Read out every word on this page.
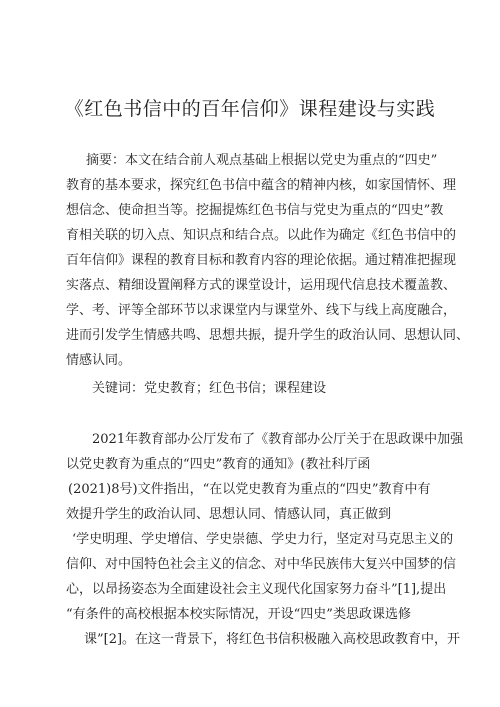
《红色书信中的百年信仰》课程建设与实践
摘要：本文在结合前人观点基础上根据以党史为重点的“四史”
教育的基本要求，探究红色书信中蕴含的精神内核，如家国情怀、理
想信念、使命担当等。挖掘提炼红色书信与党史为重点的“四史”教
育相关联的切入点、知识点和结合点。以此作为确定《红色书信中的
百年信仰》课程的教育目标和教育内容的理论依据。通过精准把握现
实落点、精细设置阐释方式的课堂设计，运用现代信息技术覆盖教、
学、考、评等全部环节以求课堂内与课堂外、线下与线上高度融合，
进而引发学生情感共鸣、思想共振，提升学生的政治认同、思想认同、
情感认同。
关键词：党史教育；红色书信；课程建设
2021年教育部办公厅发布了《教育部办公厅关于在思政课中加强
以党史教育为重点的“四史”教育的通知》(教社科厅函
(2021)8号)文件指出，“在以党史教育为重点的“四史”教育中有
效提升学生的政治认同、思想认同、情感认同，真正做到
‘学史明理、学史增信、学史崇德、学史力行，坚定对马克思主义的
信仰、对中国特色社会主义的信念、对中华民族伟大复兴中国梦的信
心，以昂扬姿态为全面建设社会主义现代化国家努力奋斗”[1],提出
“有条件的高校根据本校实际情况，开设“四史”类思政课选修
课”[2]。在这一背景下，将红色书信积极融入高校思政教育中，开
